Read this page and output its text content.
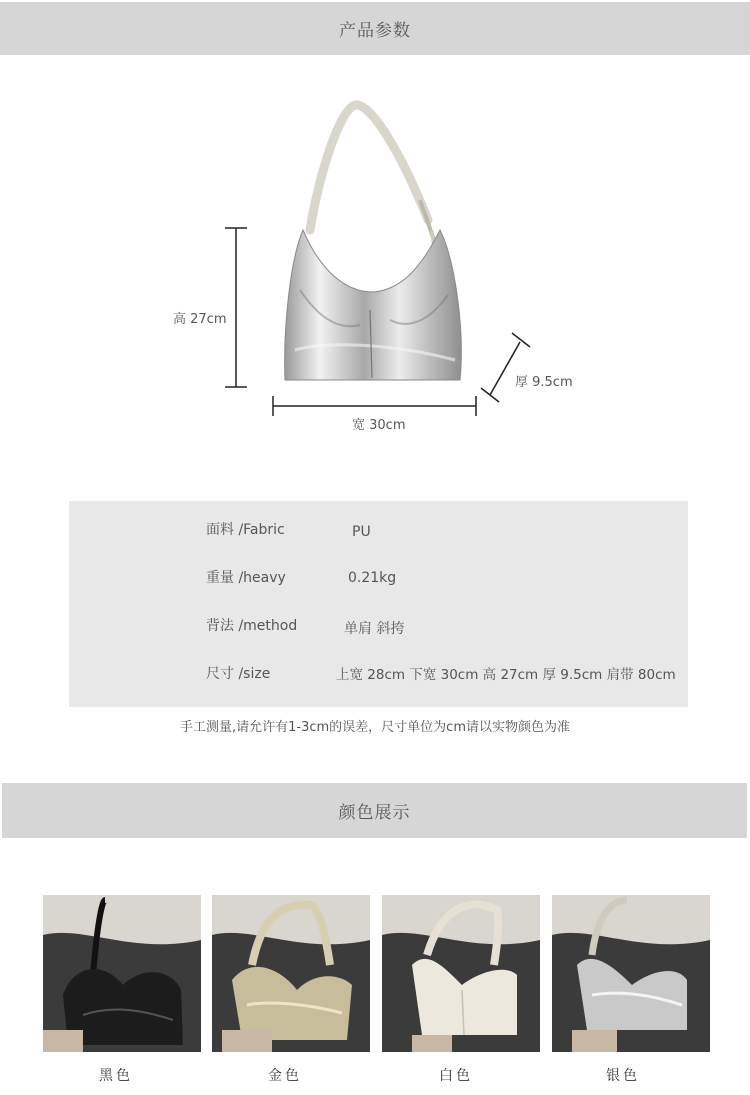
产品参数
高 27cm
宽 30cm
厚 9.5cm
面料 /Fabric	PU
重量 /heavy	0.21kg
背法 /method	单肩 斜挎
尺寸 /size	上宽 28cm 下宽 30cm 高 27cm 厚 9.5cm 肩带 80cm
手工测量,请允许有1-3cm的误差，尺寸单位为cm请以实物颜色为准
颜色展示
黑色	金色	白色	银色
